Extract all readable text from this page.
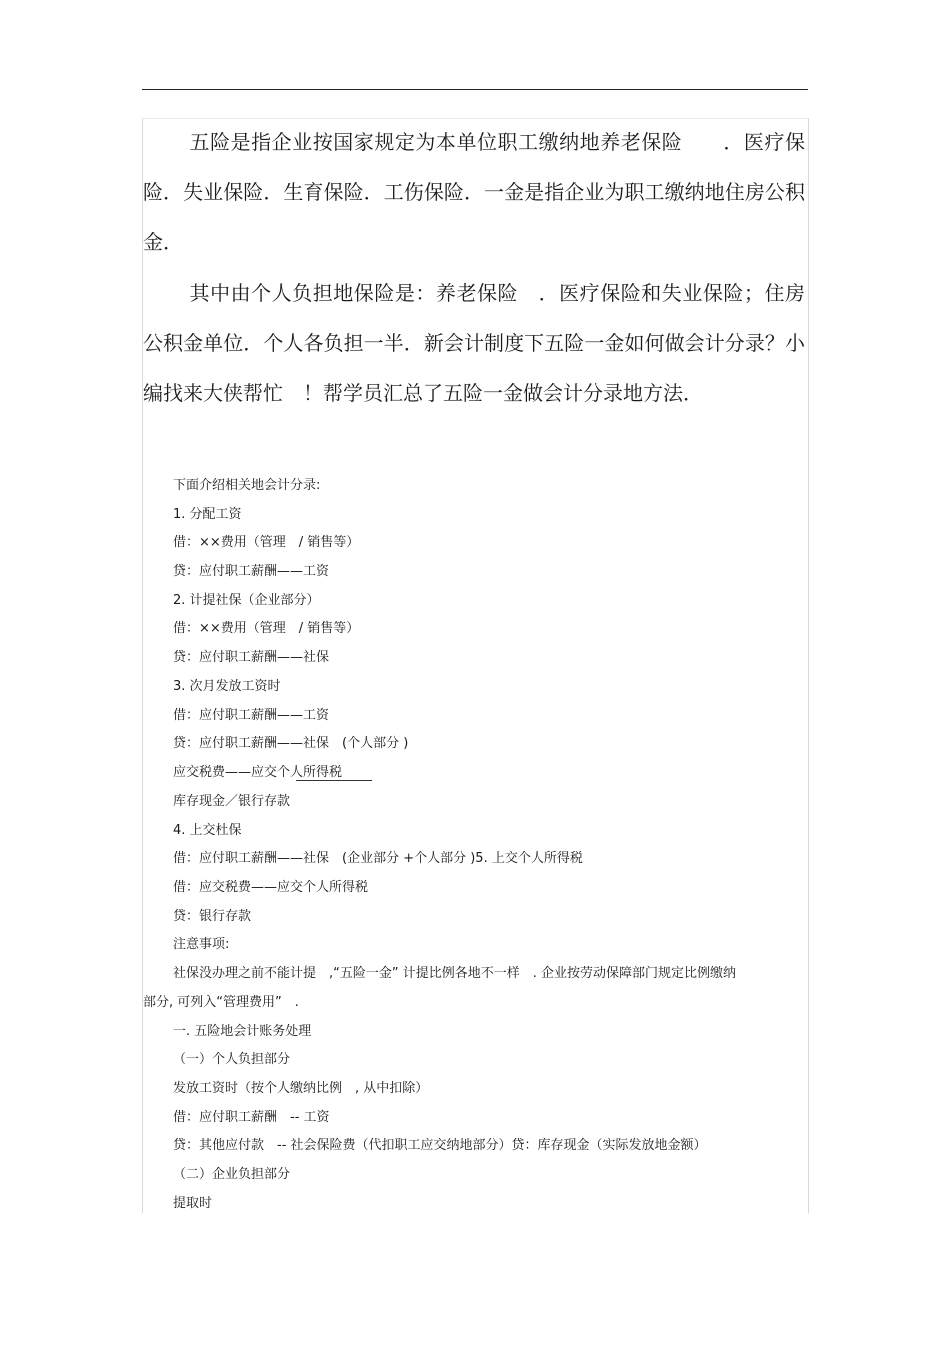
五险是指企业按国家规定为本单位职工缴纳地养老保险　　．医疗保险．失业保险．生育保险．工伤保险．一金是指企业为职工缴纳地住房公积金．

其中由个人负担地保险是：养老保险　．医疗保险和失业保险；住房公积金单位．个人各负担一半．新会计制度下五险一金如何做会计分录？小编找来大侠帮忙　！帮学员汇总了五险一金做会计分录地方法．

下面介绍相关地会计分录:
1. 分配工资
借：××费用（管理　/ 销售等）
贷：应付职工薪酬——工资
2. 计提社保（企业部分）
借：××费用（管理　/ 销售等）
贷：应付职工薪酬——社保
3. 次月发放工资时
借：应付职工薪酬——工资
贷：应付职工薪酬——社保　(个人部分 )
应交税费——应交个人所得税
库存现金／银行存款
4. 上交杜保
借：应付职工薪酬——社保　(企业部分 +个人部分 )5. 上交个人所得税
借：应交税费——应交个人所得税
贷：银行存款
注意事项:
社保没办理之前不能计提　,“五险一金” 计提比例各地不一样　. 企业按劳动保障部门规定比例缴纳
部分, 可列入“管理费用”　.
一. 五险地会计账务处理
（一）个人负担部分
发放工资时（按个人缴纳比例　, 从中扣除）
借：应付职工薪酬　-- 工资
贷：其他应付款　-- 社会保险费（代扣职工应交纳地部分）贷：库存现金（实际发放地金额）
（二）企业负担部分
提取时
